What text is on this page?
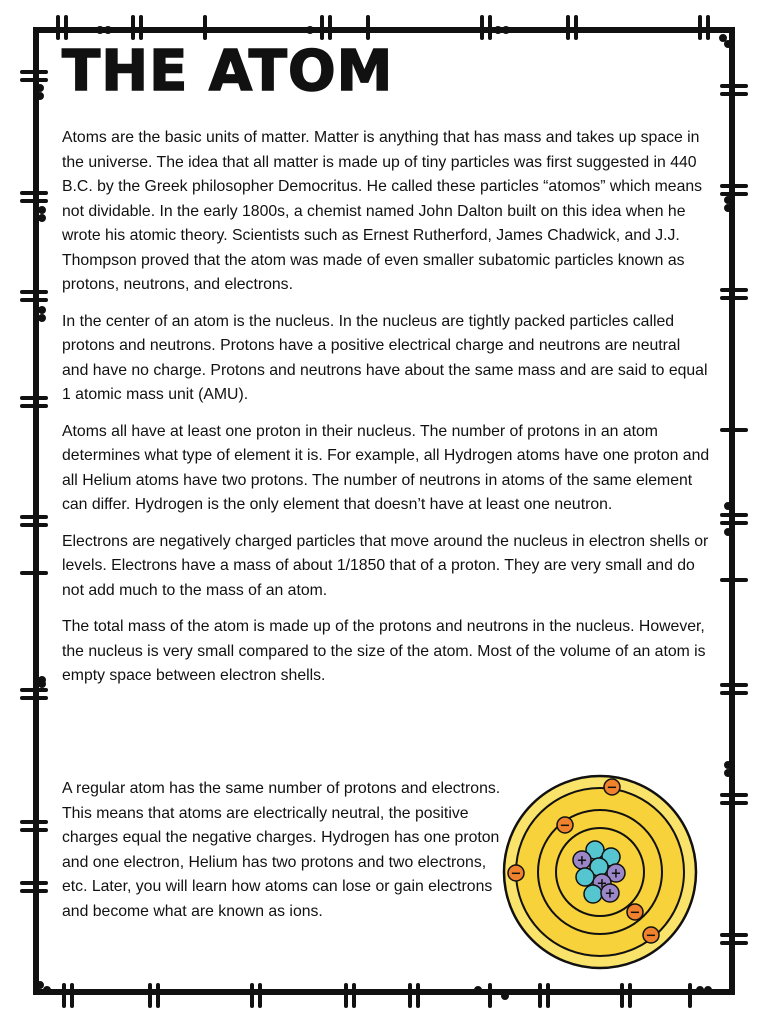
THE ATOM

Atoms are the basic units of matter. Matter is anything that has mass and takes up space in the universe. The idea that all matter is made up of tiny particles was first suggested in 440 B.C. by the Greek philosopher Democritus. He called these particles “atomos” which means not dividable. In the early 1800s, a chemist named John Dalton built on this idea when he wrote his atomic theory. Scientists such as Ernest Rutherford, James Chadwick, and J.J. Thompson proved that the atom was made of even smaller subatomic particles known as protons, neutrons, and electrons.

In the center of an atom is the nucleus. In the nucleus are tightly packed particles called protons and neutrons. Protons have a positive electrical charge and neutrons are neutral and have no charge. Protons and neutrons have about the same mass and are said to equal 1 atomic mass unit (AMU).

Atoms all have at least one proton in their nucleus. The number of protons in an atom determines what type of element it is. For example, all Hydrogen atoms have one proton and all Helium atoms have two protons. The number of neutrons in atoms of the same element can differ. Hydrogen is the only element that doesn’t have at least one neutron.

Electrons are negatively charged particles that move around the nucleus in electron shells or levels. Electrons have a mass of about 1/1850 that of a proton. They are very small and do not add much to the mass of an atom.

The total mass of the atom is made up of the protons and neutrons in the nucleus. However, the nucleus is very small compared to the size of the atom. Most of the volume of an atom is empty space between electron shells.

A regular atom has the same number of protons and electrons. This means that atoms are electrically neutral, the positive charges equal the negative charges. Hydrogen has one proton and one electron, Helium has two protons and two electrons, etc. Later, you will learn how atoms can lose or gain electrons and become what are known as ions.

+
+
+
+
−
−
−
−
−
